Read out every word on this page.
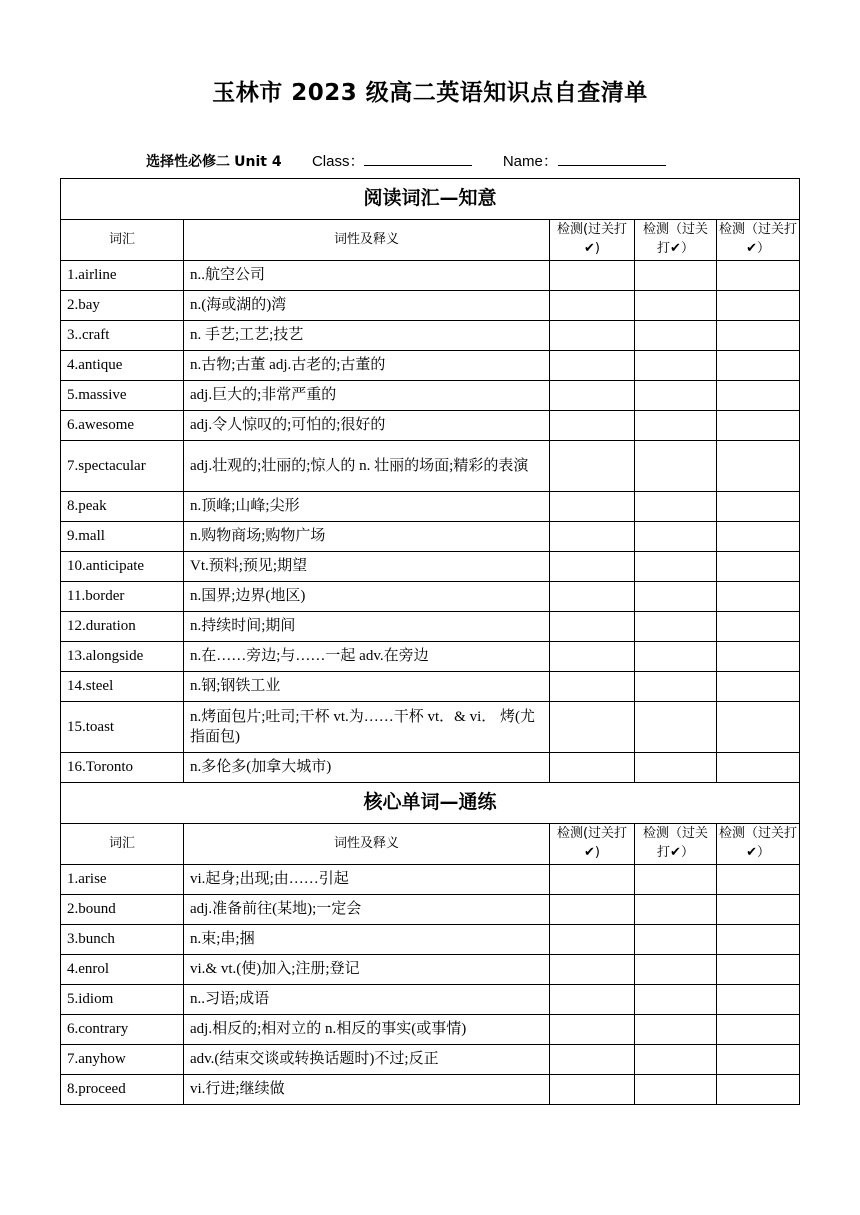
玉林市 2023 级高二英语知识点自查清单
选择性必修二 Unit 4 Class：	Name：
阅读词汇—知意				
词汇	词性及释义	检测(过关打✔)	检测（过关打✔）	检测（过关打✔）
1.airline	n..航空公司			
2.bay	n.(海或湖的)湾			
3..craft	n. 手艺;工艺;技艺			
4.antique	n.古物;古董 adj.古老的;古董的			
5.massive	adj.巨大的;非常严重的			
6.awesome	adj.令人惊叹的;可怕的;很好的			
7.spectacular	adj.壮观的;壮丽的;惊人的 n. 壮丽的场面;精彩的表演			
8.peak	n.顶峰;山峰;尖形			
9.mall	n.购物商场;购物广场			
10.anticipate	Vt.预料;预见;期望			
11.border	n.国界;边界(地区)			
12.duration	n.持续时间;期间			
13.alongside	n.在……旁边;与……一起 adv.在旁边			
14.steel	n.钢;钢铁工业			
15.toast	n.烤面包片;吐司;干杯 vt.为……干杯 vt．& vi． 烤(尤指面包)			
16.Toronto	n.多伦多(加拿大城市)			
核心单词—通练				
词汇	词性及释义	检测(过关打✔)	检测（过关打✔）	检测（过关打✔）
1.arise	vi.起身;出现;由……引起			
2.bound	adj.准备前往(某地);一定会			
3.bunch	n.束;串;捆			
4.enrol	vi.& vt.(使)加入;注册;登记			
5.idiom	n..习语;成语			
6.contrary	adj.相反的;相对立的 n.相反的事实(或事情)			
7.anyhow	adv.(结束交谈或转换话题时)不过;反正			
8.proceed	vi.行进;继续做			
